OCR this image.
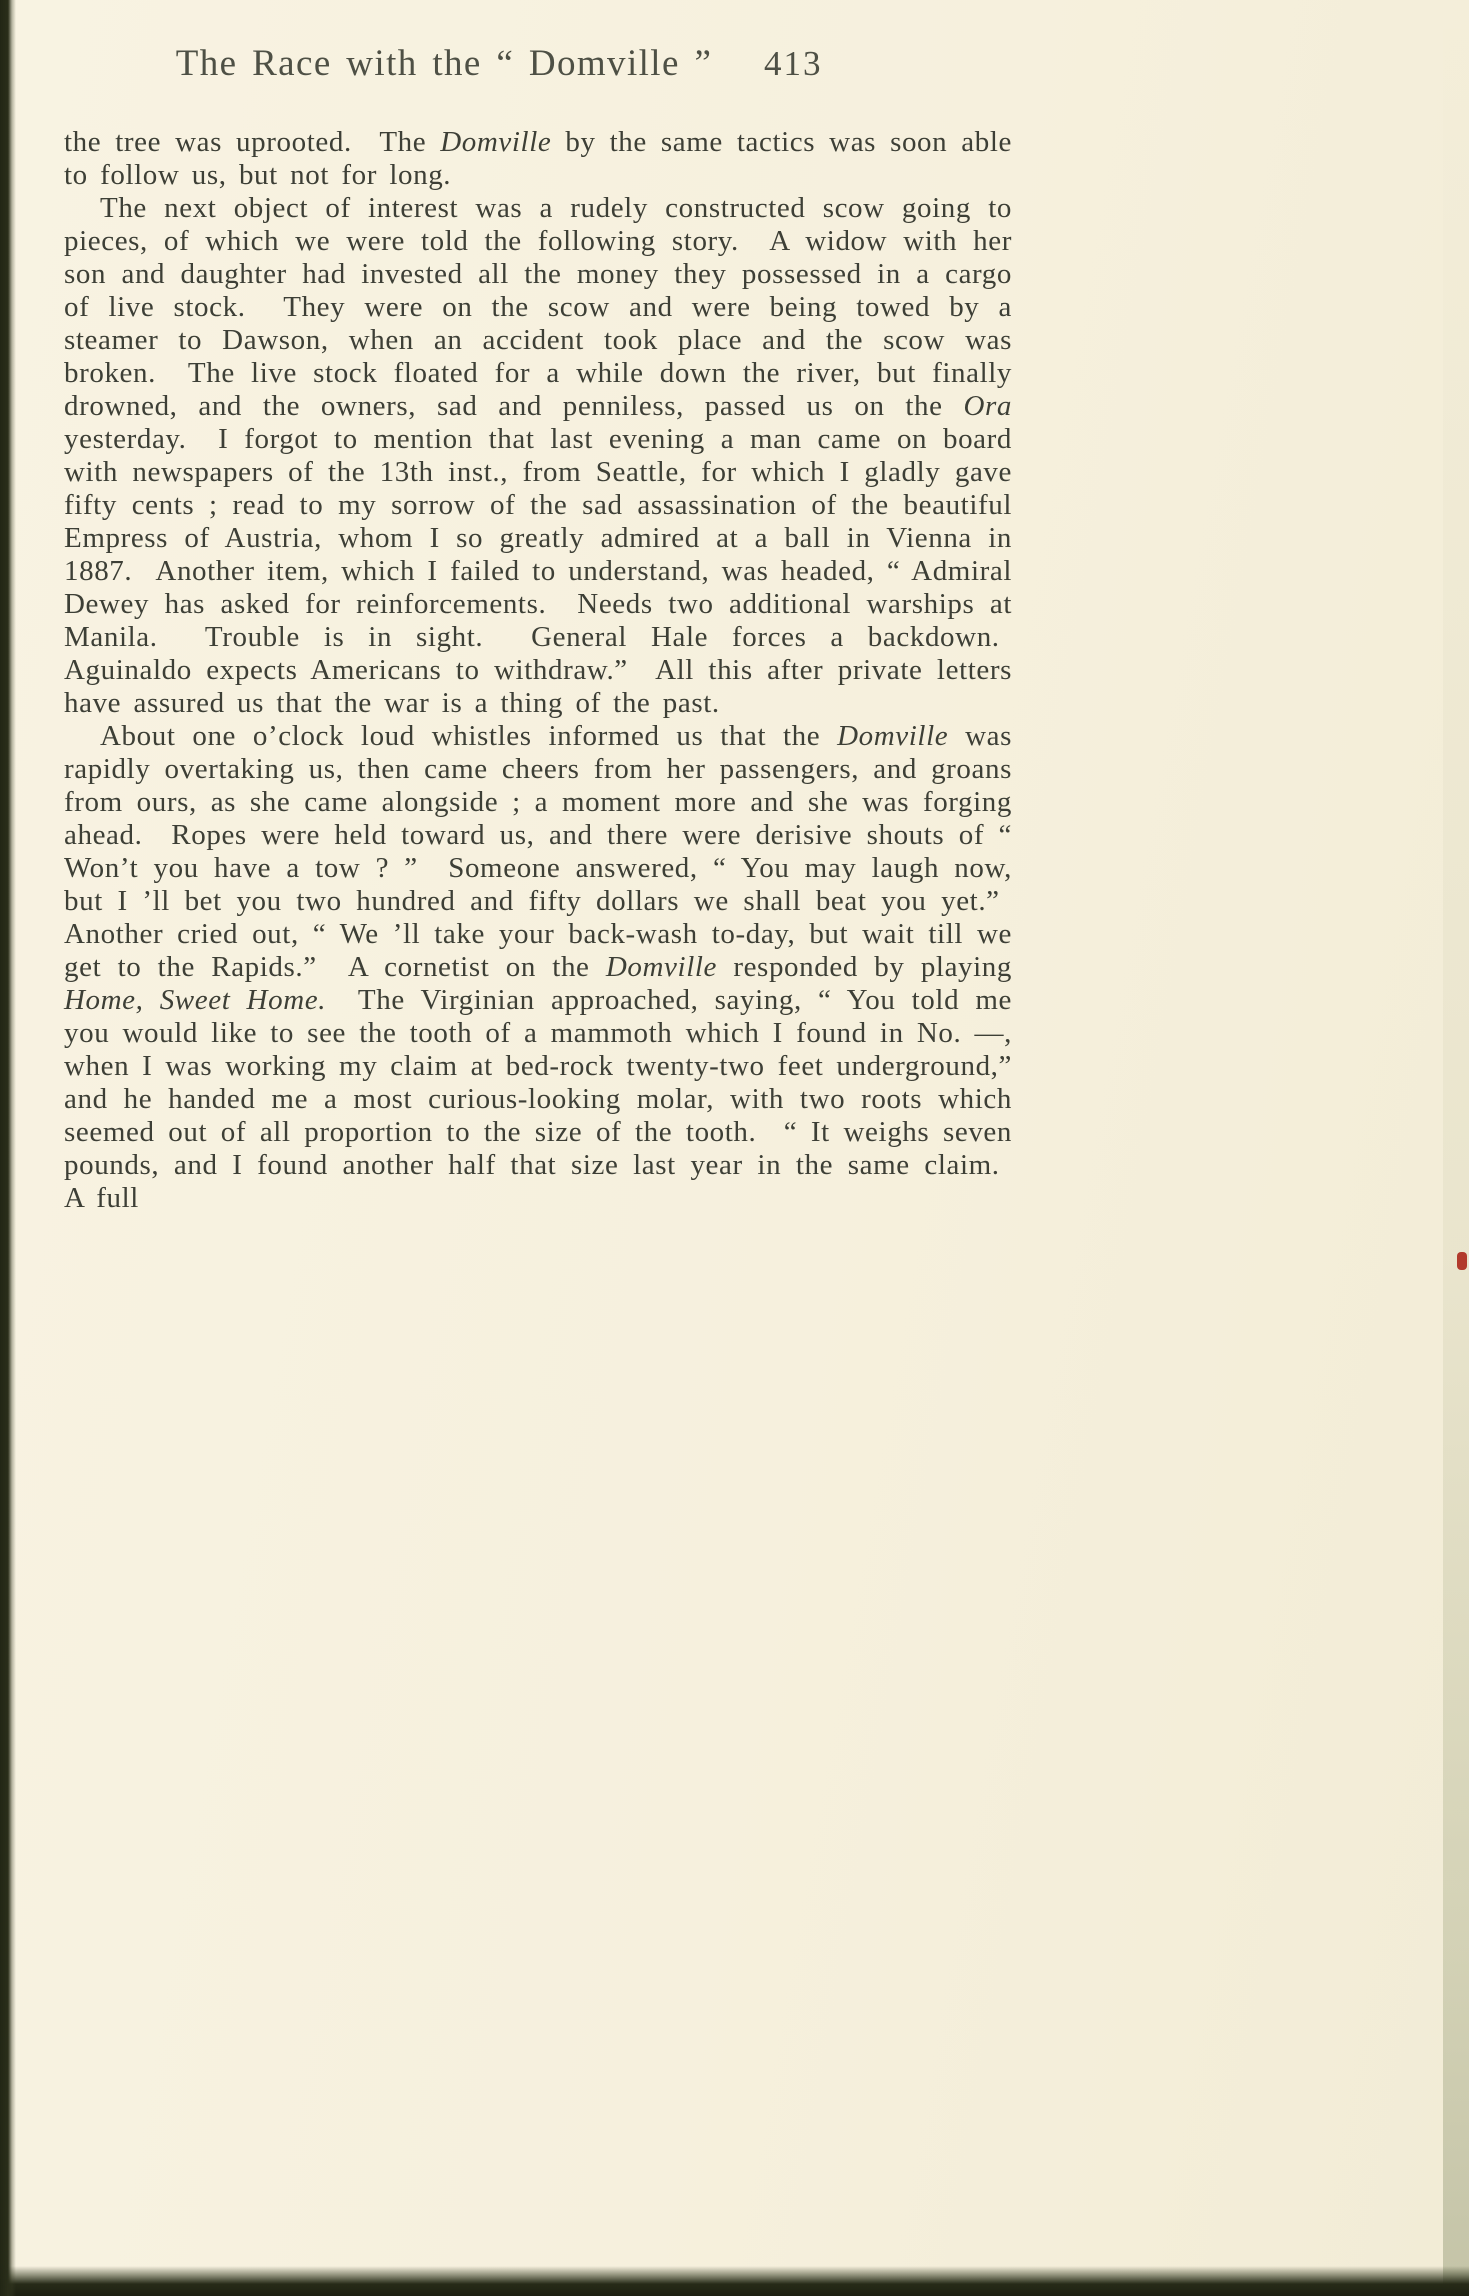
The Race with the “ Domville ”	413

the tree was uprooted.  The Domville by the same tactics was soon able to follow us, but not for long.

The next object of interest was a rudely constructed scow going to pieces, of which we were told the following story.  A widow with her son and daughter had invested all the money they possessed in a cargo of live stock.  They were on the scow and were being towed by a steamer to Dawson, when an accident took place and the scow was broken.  The live stock floated for a while down the river, but finally drowned, and the owners, sad and penniless, passed us on the Ora yesterday.  I forgot to mention that last evening a man came on board with newspapers of the 13th inst., from Seattle, for which I gladly gave fifty cents ; read to my sorrow of the sad assassination of the beautiful Empress of Austria, whom I so greatly admired at a ball in Vienna in 1887.  Another item, which I failed to understand, was headed, “ Admiral Dewey has asked for reinforcements.  Needs two additional warships at Manila.  Trouble is in sight.  General Hale forces a backdown.  Aguinaldo expects Americans to withdraw.”  All this after private letters have assured us that the war is a thing of the past.

About one o’clock loud whistles informed us that the Domville was rapidly overtaking us, then came cheers from her passengers, and groans from ours, as she came alongside ; a moment more and she was forging ahead.  Ropes were held toward us, and there were derisive shouts of “ Won’t you have a tow ? ”  Someone answered, “ You may laugh now, but I ’ll bet you two hundred and fifty dollars we shall beat you yet.”  Another cried out, “ We ’ll take your back-wash to-day, but wait till we get to the Rapids.”  A cornetist on the Domville responded by playing Home, Sweet Home.  The Virginian approached, saying, “ You told me you would like to see the tooth of a mammoth which I found in No. —, when I was working my claim at bed-rock twenty-two feet underground,” and he handed me a most curious-looking molar, with two roots which seemed out of all proportion to the size of the tooth.  “ It weighs seven pounds, and I found another half that size last year in the same claim.  A full
